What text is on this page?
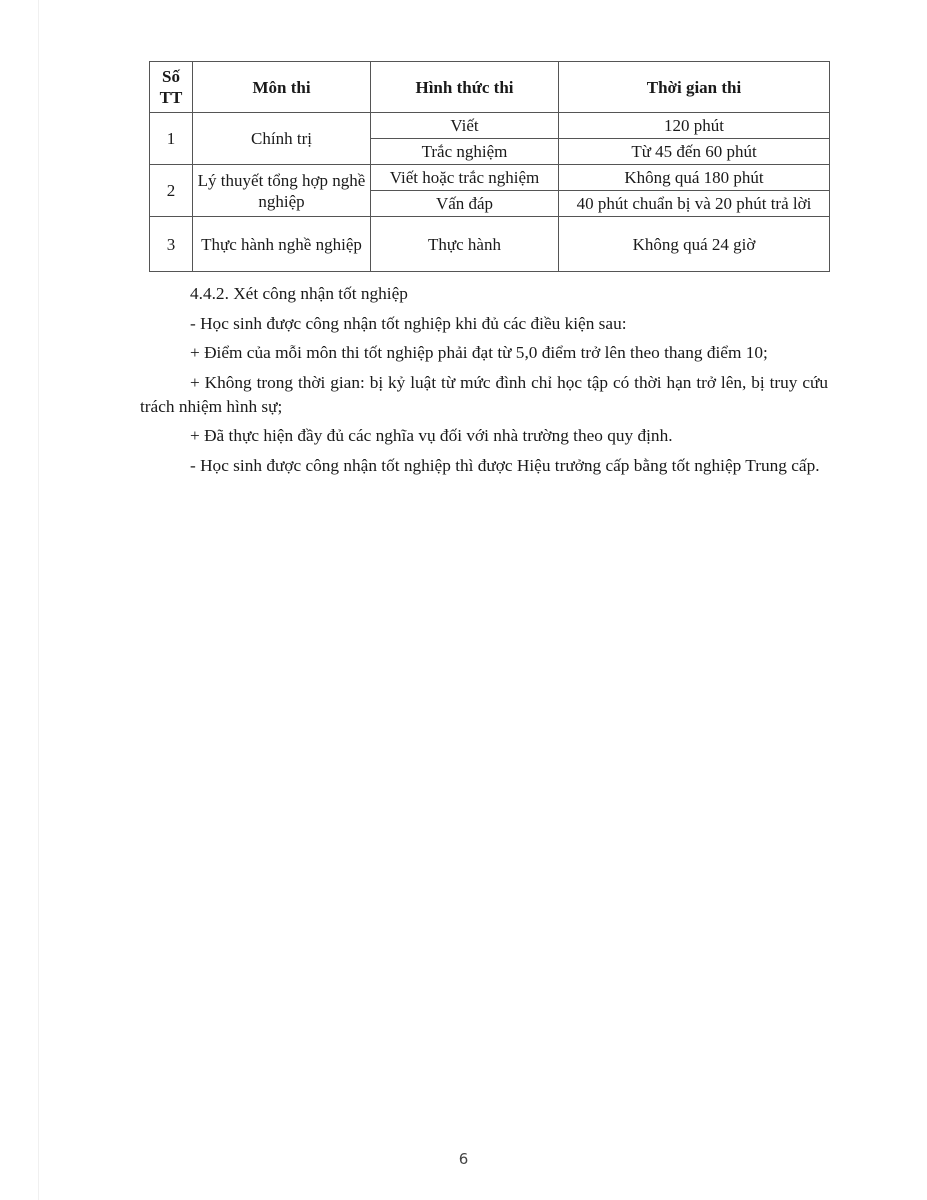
Số TT	Môn thi	Hình thức thi	Thời gian thi
1	Chính trị	Viết	120 phút
		Trắc nghiệm	Từ 45 đến 60 phút
2	Lý thuyết tổng hợp nghề nghiệp	Viết hoặc trắc nghiệm	Không quá 180 phút
		Vấn đáp	40 phút chuẩn bị và 20 phút trả lời
3	Thực hành nghề nghiệp	Thực hành	Không quá 24 giờ

4.4.2. Xét công nhận tốt nghiệp

- Học sinh được công nhận tốt nghiệp khi đủ các điều kiện sau:

+ Điểm của mỗi môn thi tốt nghiệp phải đạt từ 5,0 điểm trở lên theo thang điểm 10;

+ Không trong thời gian: bị kỷ luật từ mức đình chỉ học tập có thời hạn trở lên, bị truy cứu trách nhiệm hình sự;

+ Đã thực hiện đầy đủ các nghĩa vụ đối với nhà trường theo quy định.

- Học sinh được công nhận tốt nghiệp thì được Hiệu trưởng cấp bằng tốt nghiệp Trung cấp.

6
